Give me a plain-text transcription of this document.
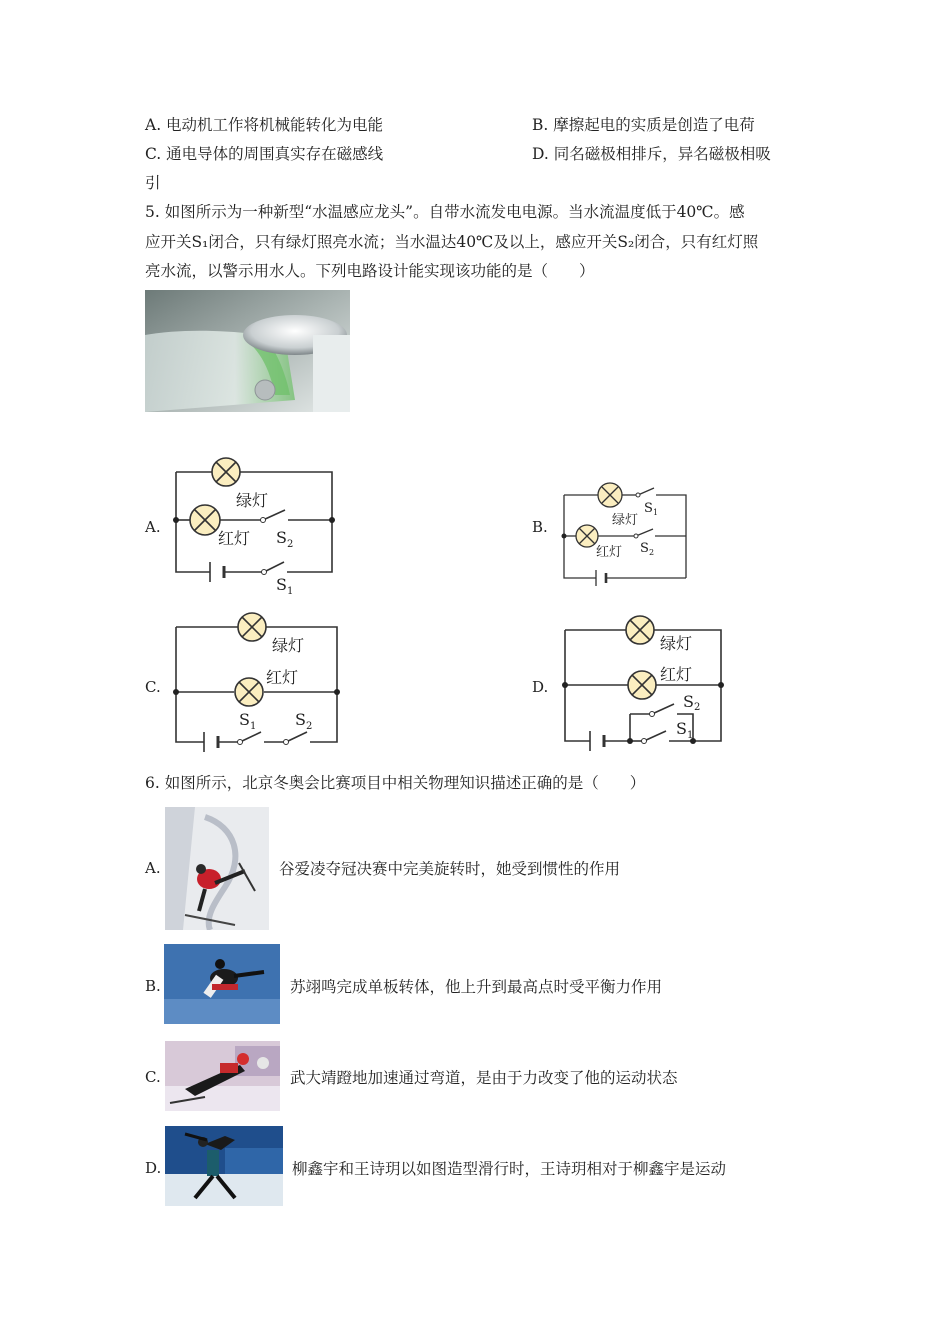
A. 电动机工作将机械能转化为电能	B. 摩擦起电的实质是创造了电荷
C. 通电导体的周围真实存在磁感线	D. 同名磁极相排斥，异名磁极相吸
引
5. 如图所示为一种新型“水温感应龙头”。自带水流发电电源。当水流温度低于40℃。感
应开关S₁闭合，只有绿灯照亮水流；当水温达40℃及以上，感应开关S₂闭合，只有红灯照
亮水流，以警示用水人。下列电路设计能实现该功能的是（　　）
A.
绿灯
红灯 S 2
S 1
B.	绿灯
红灯
S 1
S 2
C.
绿灯
红灯
S 1 S 2
D.
绿灯
红灯
S 2
S 1
6. 如图所示，北京冬奥会比赛项目中相关物理知识描述正确的是（　　）
A.	谷爱凌夺冠决赛中完美旋转时，她受到惯性的作用
B.	苏翊鸣完成单板转体，他上升到最高点时受平衡力作用
C.	武大靖蹬地加速通过弯道，是由于力改变了他的运动状态
D.	柳鑫宇和王诗玥以如图造型滑行时，王诗玥相对于柳鑫宇是运动
